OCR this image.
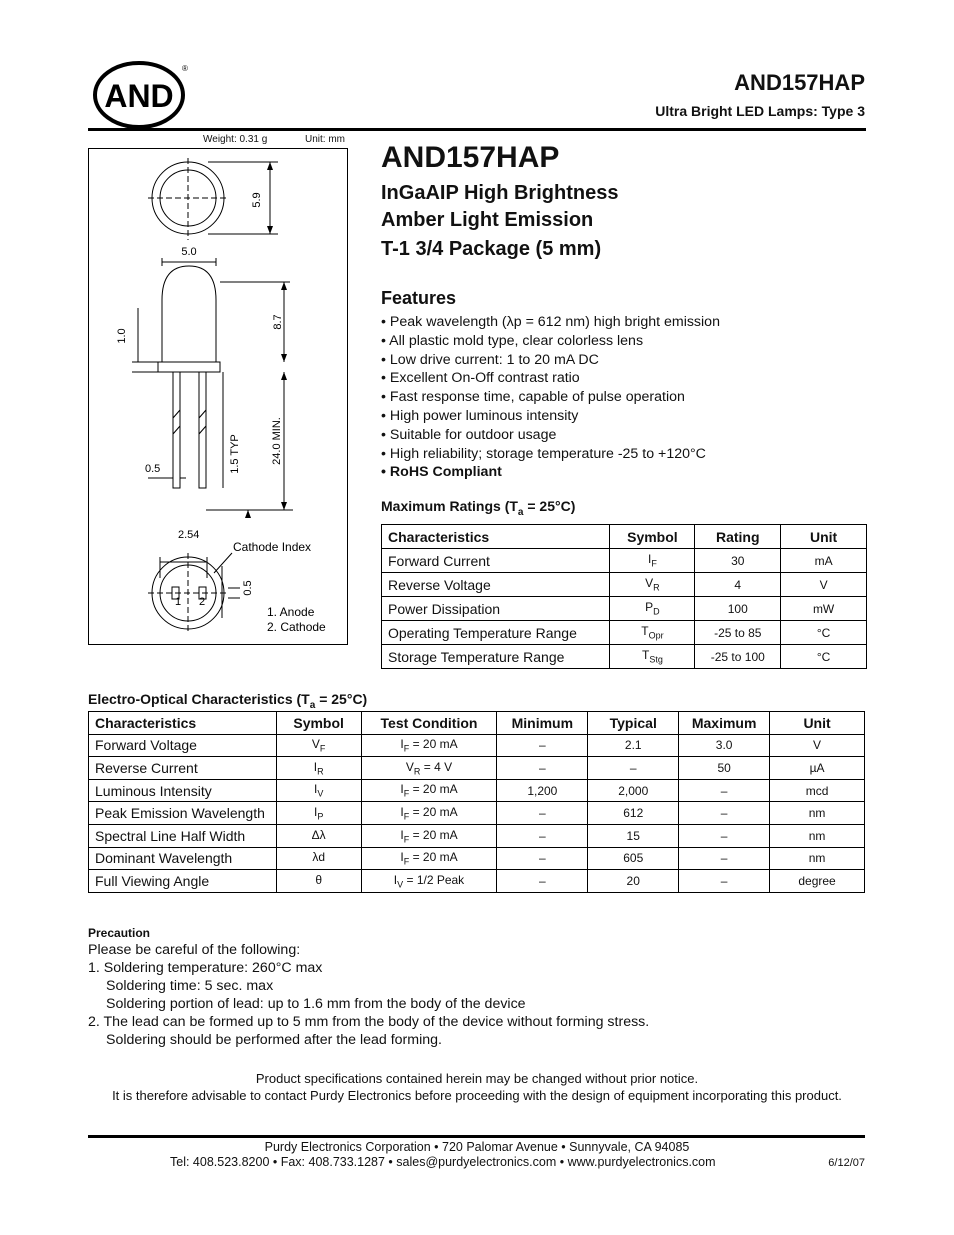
AND
®
AND157HAP
Ultra Bright LED Lamps: Type 3
Weight: 0.31 g	Unit: mm
5.9
5.0
8.7
1.0
1.5 TYP	24.0 MIN.
0.5
2.54
Cathode Index
0.5
1 2
1. Anode
2. Cathode
AND157HAP
InGaAIP High Brightness
Amber Light Emission
T-1 3/4 Package (5 mm)
Features
• Peak wavelength (λp = 612 nm) high bright emission
• All plastic mold type, clear colorless lens
• Low drive current: 1 to 20 mA DC
• Excellent On-Off contrast ratio
• Fast response time, capable of pulse operation
• High power luminous intensity
• Suitable for outdoor usage
• High reliability; storage temperature -25 to +120°C
• RoHS Compliant
Maximum Ratings $(T_a = 25^\circ C)$
Characteristics	Symbol	Rating	Unit
Forward Current	$I_F$	30	mA
Reverse Voltage	$V_R$	4	V
Power Dissipation	$P_D$	100	mW
Operating Temperature Range	$T_{Opr}$	-25 to 85	°C
Storage Temperature Range	$T_{Stg}$	-25 to 100	°C
Electro-Optical Characteristics $(T_a = 25^\circ C)$
Characteristics	Symbol	Test Condition	Minimum	Typical	Maximum	Unit
Forward Voltage	$V_F$	$I_F = 20$ mA	–	2.1	3.0	V
Reverse Current	$I_R$	$V_R = 4$ V	–	–	50	µA
Luminous Intensity	$I_V$	$I_F = 20$ mA	1,200	2,000	–	mcd
Peak Emission Wavelength	$I_P$	$I_F = 20$ mA	–	612	–	nm
Spectral Line Half Width	Δλ	$I_F = 20$ mA	–	15	–	nm
Dominant Wavelength	λd	$I_F = 20$ mA	–	605	–	nm
Full Viewing Angle	θ	$I_V = 1/2$ Peak	–	20	–	degree
Precaution
Please be careful of the following:
1. Soldering temperature: 260°C max
Soldering time: 5 sec. max
Soldering portion of lead: up to 1.6 mm from the body of the device
2. The lead can be formed up to 5 mm from the body of the device without forming stress.
Soldering should be performed after the lead forming.
Product specifications contained herein may be changed without prior notice.
It is therefore advisable to contact Purdy Electronics before proceeding with the design of equipment incorporating this product.
Purdy Electronics Corporation • 720 Palomar Avenue • Sunnyvale, CA 94085
Tel: 408.523.8200 • Fax: 408.733.1287 • sales@purdyelectronics.com • www.purdyelectronics.com	6/12/07
